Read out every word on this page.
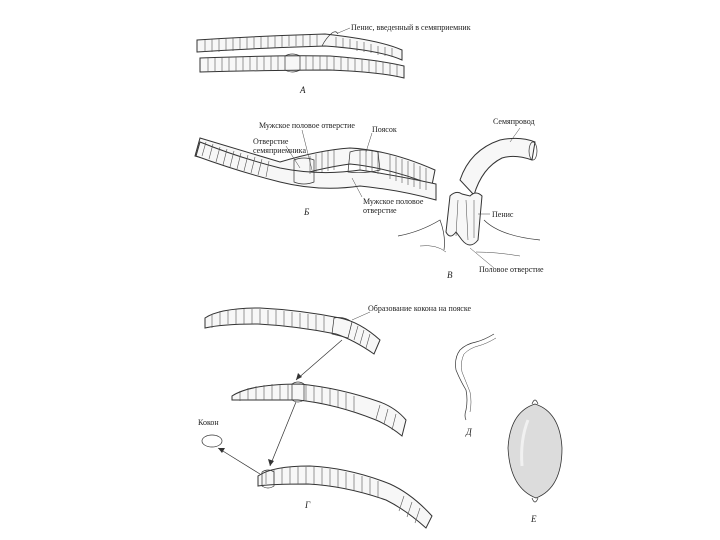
Пенис, введенный в семяприемник
А
Мужское половое отверстие Поясок
Отверстие семяприемника
Мужское половое отверстие
Б
Семяпровод
Пенис
Половое отверстие
В
Образование кокона на пояске
Кокон
Г
Д
Е
